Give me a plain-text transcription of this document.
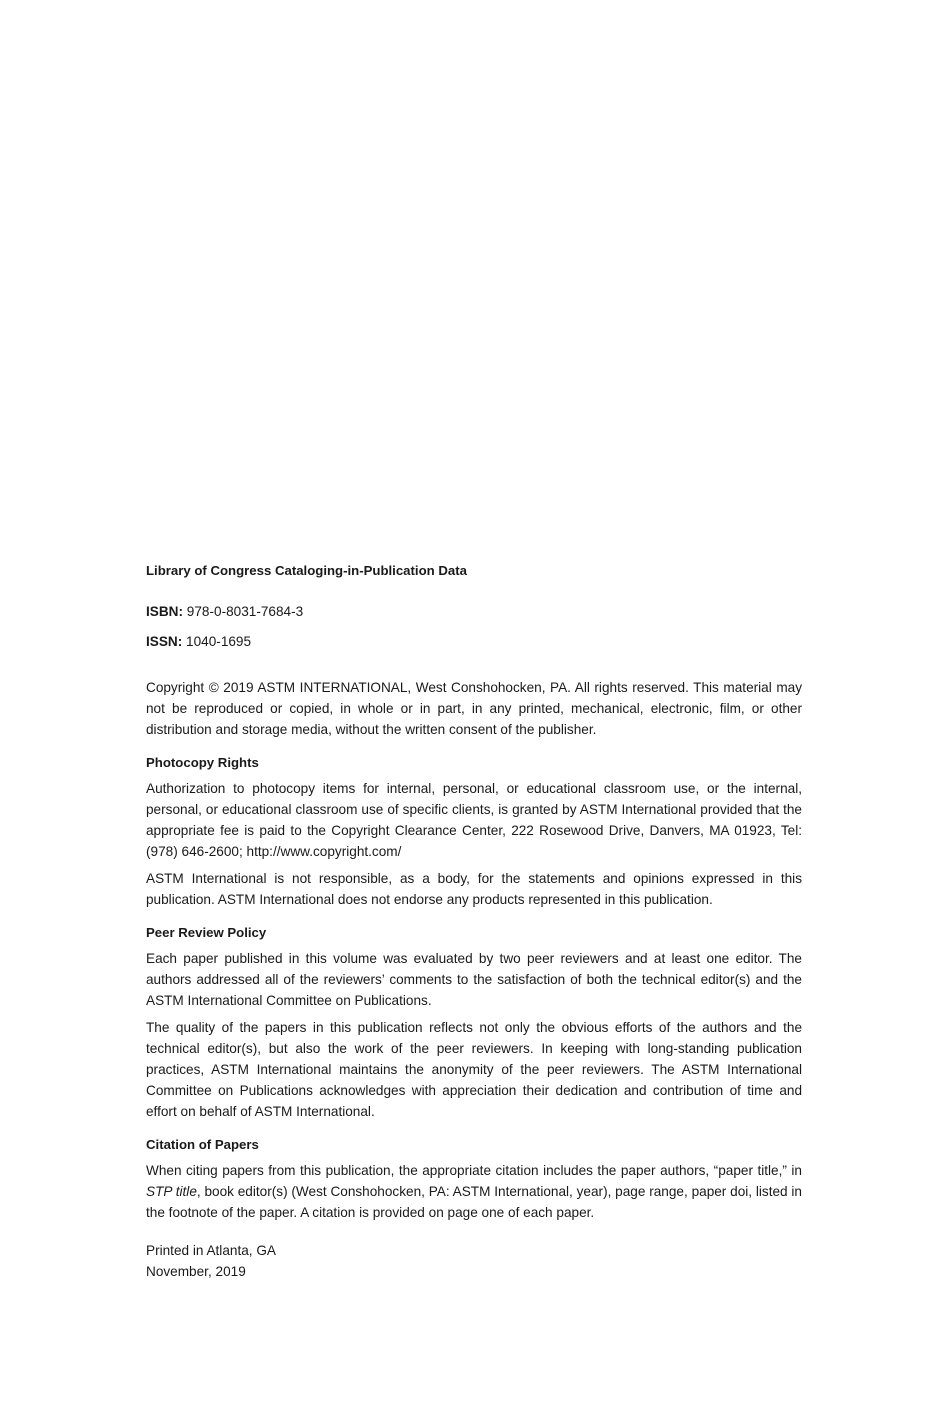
Library of Congress Cataloging-in-Publication Data
ISBN: 978-0-8031-7684-3
ISSN: 1040-1695

Copyright © 2019 ASTM INTERNATIONAL, West Conshohocken, PA. All rights reserved. This material may not be reproduced or copied, in whole or in part, in any printed, mechanical, electronic, film, or other distribution and storage media, without the written consent of the publisher.

Photocopy Rights

Authorization to photocopy items for internal, personal, or educational classroom use, or the internal, personal, or educational classroom use of specific clients, is granted by ASTM International provided that the appropriate fee is paid to the Copyright Clearance Center, 222 Rosewood Drive, Danvers, MA 01923, Tel: (978) 646-2600; http://www.copyright.com/

ASTM International is not responsible, as a body, for the statements and opinions expressed in this publication. ASTM International does not endorse any products represented in this publication.

Peer Review Policy

Each paper published in this volume was evaluated by two peer reviewers and at least one editor. The authors addressed all of the reviewers’ comments to the satisfaction of both the technical editor(s) and the ASTM International Committee on Publications.

The quality of the papers in this publication reflects not only the obvious efforts of the authors and the technical editor(s), but also the work of the peer reviewers. In keeping with long-standing publication practices, ASTM International maintains the anonymity of the peer reviewers. The ASTM International Committee on Publications acknowledges with appreciation their dedication and contribution of time and effort on behalf of ASTM International.

Citation of Papers

When citing papers from this publication, the appropriate citation includes the paper authors, “paper title,” in STP title, book editor(s) (West Conshohocken, PA: ASTM International, year), page range, paper doi, listed in the footnote of the paper. A citation is provided on page one of each paper.

Printed in Atlanta, GA
November, 2019
